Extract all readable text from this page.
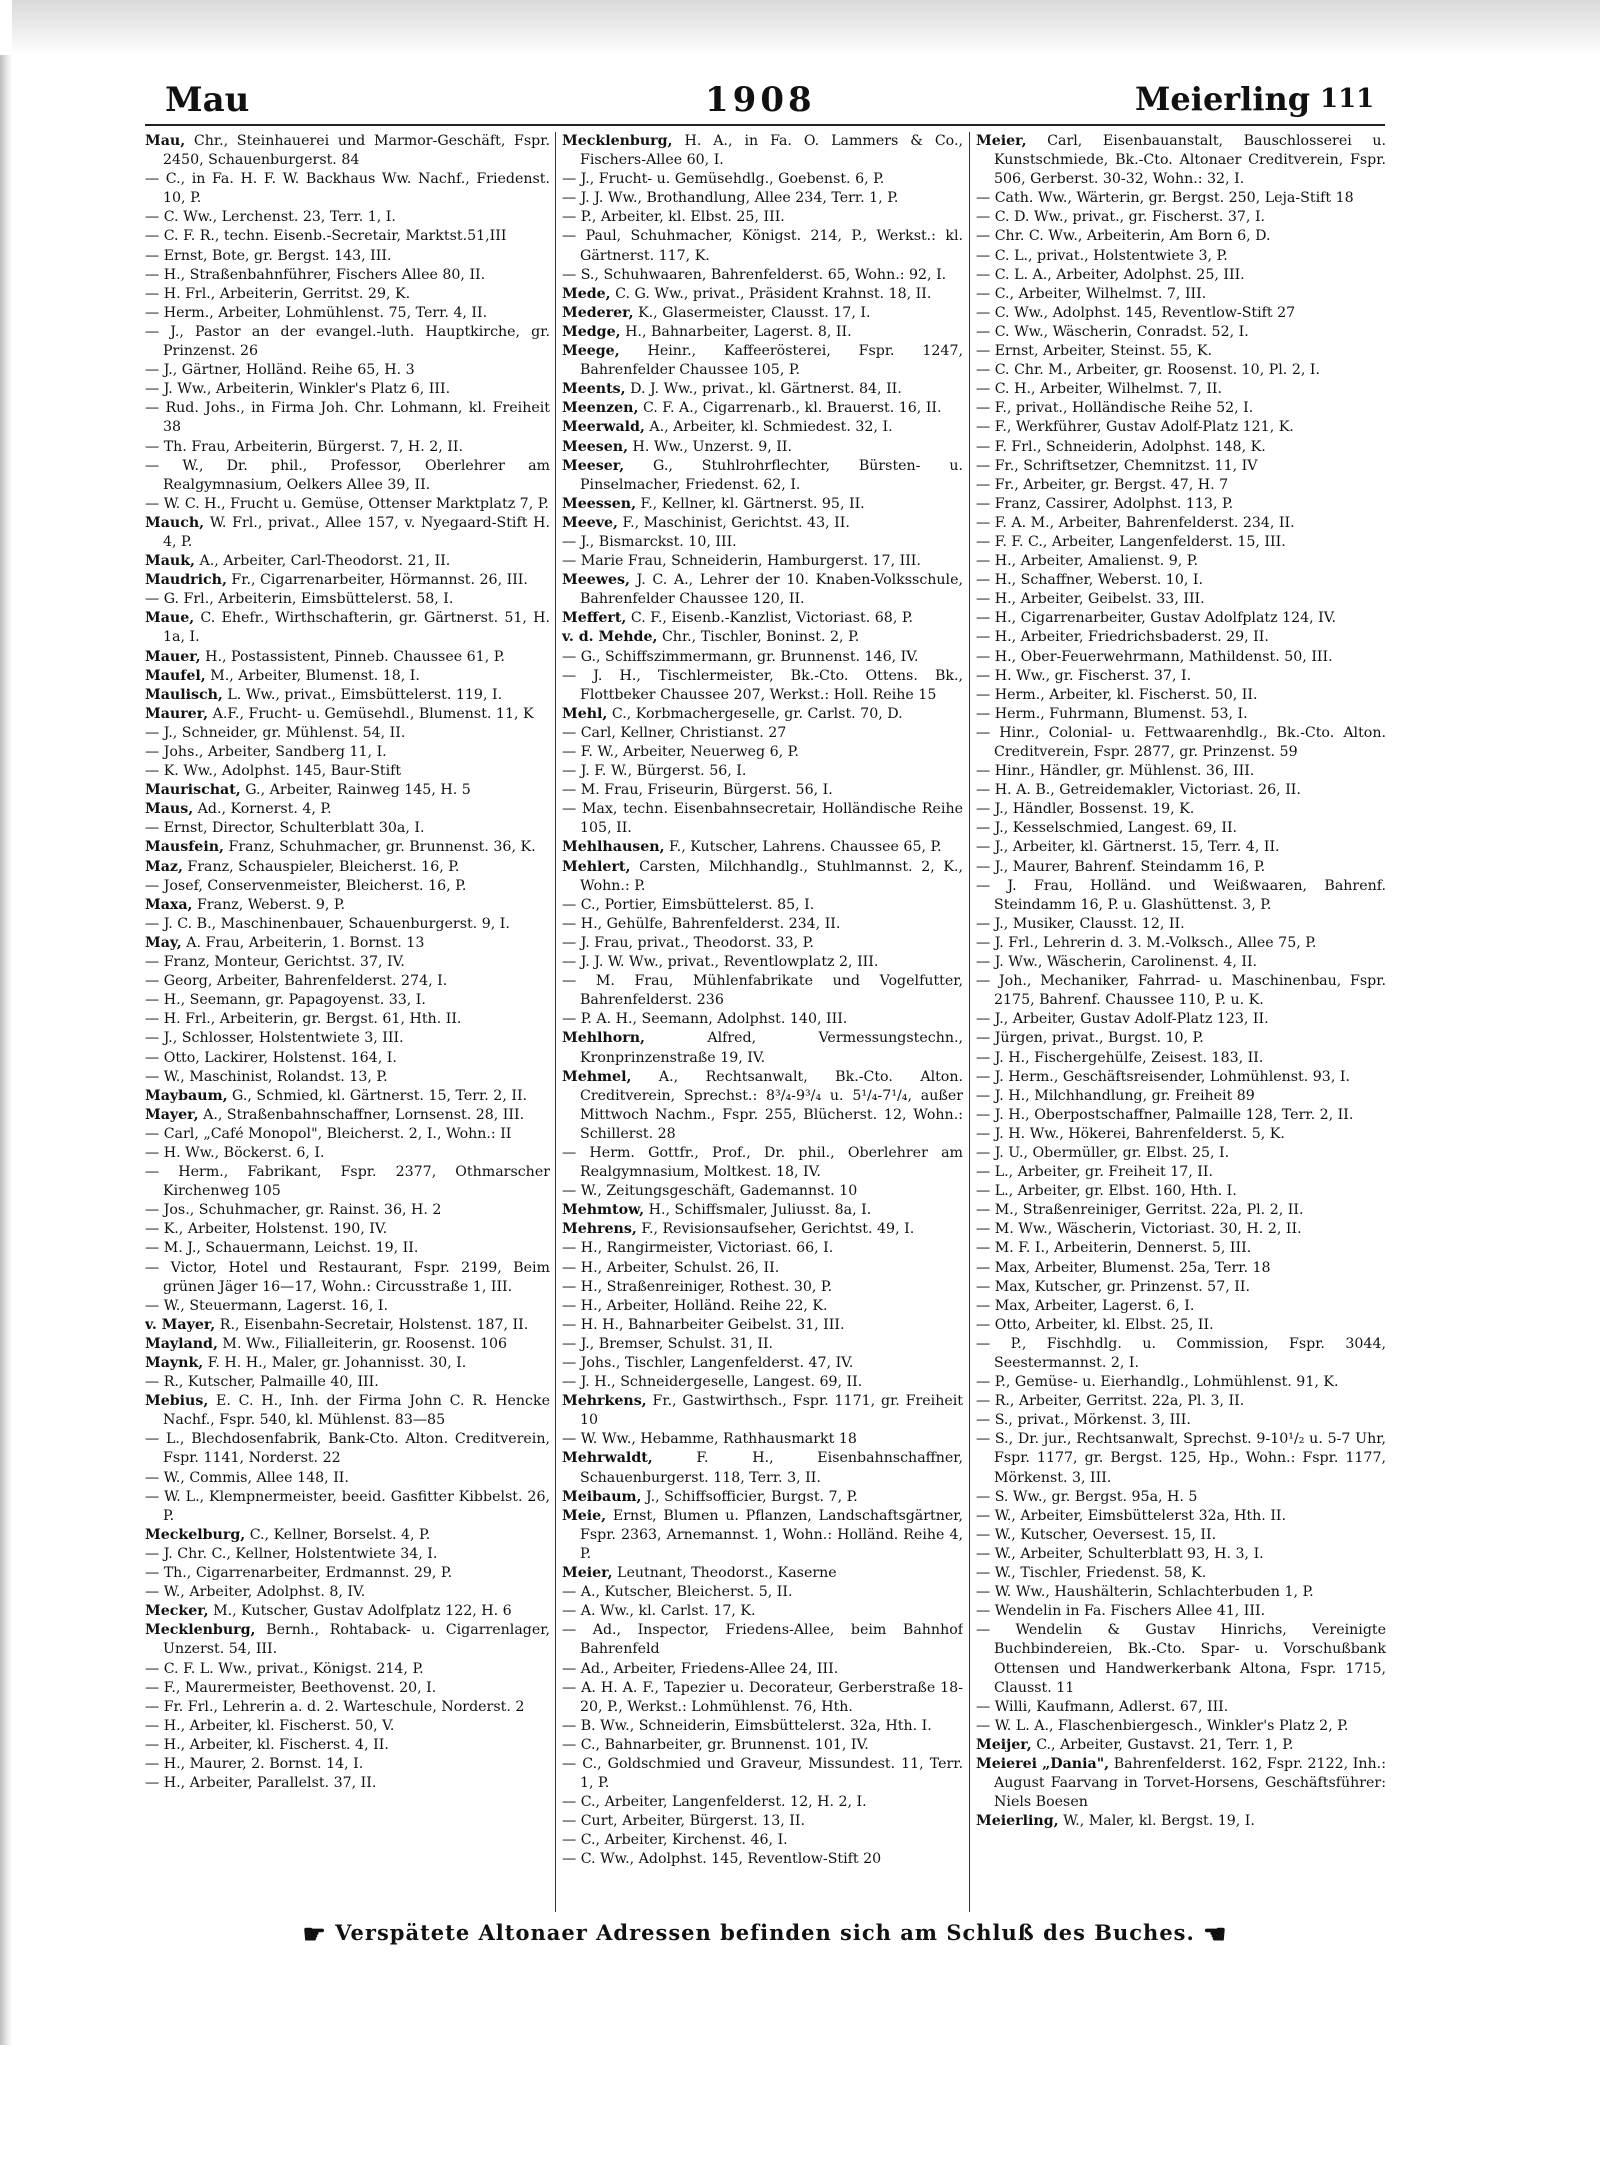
Mau	1908	Meierling 111
Mau, Chr., Steinhauerei und Marmor-Geschäft, Fspr. 2450, Schauenburgerst. 84
— C., in Fa. H. F. W. Backhaus Ww. Nachf., Friedenst. 10, P.
— C. Ww., Lerchenst. 23, Terr. 1, I.
— C. F. R., techn. Eisenb.-Secretair, Marktst.51,III
— Ernst, Bote, gr. Bergst. 143, III.
— H., Straßenbahnführer, Fischers Allee 80, II.
— H. Frl., Arbeiterin, Gerritst. 29, K.
— Herm., Arbeiter, Lohmühlenst. 75, Terr. 4, II.
— J., Pastor an der evangel.-luth. Hauptkirche, gr. Prinzenst. 26
— J., Gärtner, Holländ. Reihe 65, H. 3
— J. Ww., Arbeiterin, Winkler's Platz 6, III.
— Rud. Johs., in Firma Joh. Chr. Lohmann, kl. Freiheit 38
— Th. Frau, Arbeiterin, Bürgerst. 7, H. 2, II.
— W., Dr. phil., Professor, Oberlehrer am Realgymnasium, Oelkers Allee 39, II.
— W. C. H., Frucht u. Gemüse, Ottenser Marktplatz 7, P.
Mauch, W. Frl., privat., Allee 157, v. Nyegaard-Stift H. 4, P.
Mauk, A., Arbeiter, Carl-Theodorst. 21, II.
Maudrich, Fr., Cigarrenarbeiter, Hörmannst. 26, III.
— G. Frl., Arbeiterin, Eimsbüttelerst. 58, I.
Maue, C. Ehefr., Wirthschafterin, gr. Gärtnerst. 51, H. 1a, I.
Mauer, H., Postassistent, Pinneb. Chaussee 61, P.
Maufel, M., Arbeiter, Blumenst. 18, I.
Maulisch, L. Ww., privat., Eimsbüttelerst. 119, I.
Maurer, A.F., Frucht- u. Gemüsehdl., Blumenst. 11, K
— J., Schneider, gr. Mühlenst. 54, II.
— Johs., Arbeiter, Sandberg 11, I.
— K. Ww., Adolphst. 145, Baur-Stift
Maurischat, G., Arbeiter, Rainweg 145, H. 5
Maus, Ad., Kornerst. 4, P.
— Ernst, Director, Schulterblatt 30a, I.
Mausfein, Franz, Schuhmacher, gr. Brunnenst. 36, K.
Maz, Franz, Schauspieler, Bleicherst. 16, P.
— Josef, Conservenmeister, Bleicherst. 16, P.
Maxa, Franz, Weberst. 9, P.
— J. C. B., Maschinenbauer, Schauenburgerst. 9, I.
May, A. Frau, Arbeiterin, 1. Bornst. 13
— Franz, Monteur, Gerichtst. 37, IV.
— Georg, Arbeiter, Bahrenfelderst. 274, I.
— H., Seemann, gr. Papagoyenst. 33, I.
— H. Frl., Arbeiterin, gr. Bergst. 61, Hth. II.
— J., Schlosser, Holstentwiete 3, III.
— Otto, Lackirer, Holstenst. 164, I.
— W., Maschinist, Rolandst. 13, P.
Maybaum, G., Schmied, kl. Gärtnerst. 15, Terr. 2, II.
Mayer, A., Straßenbahnschaffner, Lornsenst. 28, III.
— Carl, „Café Monopol", Bleicherst. 2, I., Wohn.: II
— H. Ww., Böckerst. 6, I.
— Herm., Fabrikant, Fspr. 2377, Othmarscher Kirchenweg 105
— Jos., Schuhmacher, gr. Rainst. 36, H. 2
— K., Arbeiter, Holstenst. 190, IV.
— M. J., Schauermann, Leichst. 19, II.
— Victor, Hotel und Restaurant, Fspr. 2199, Beim grünen Jäger 16—17, Wohn.: Circusstraße 1, III.
— W., Steuermann, Lagerst. 16, I.
v. Mayer, R., Eisenbahn-Secretair, Holstenst. 187, II.
Mayland, M. Ww., Filialleiterin, gr. Roosenst. 106
Maynk, F. H. H., Maler, gr. Johannisst. 30, I.
— R., Kutscher, Palmaille 40, III.
Mebius, E. C. H., Inh. der Firma John C. R. Hencke Nachf., Fspr. 540, kl. Mühlenst. 83—85
— L., Blechdosenfabrik, Bank-Cto. Alton. Creditverein, Fspr. 1141, Norderst. 22
— W., Commis, Allee 148, II.
— W. L., Klempnermeister, beeid. Gasfitter Kibbelst. 26, P.
Meckelburg, C., Kellner, Borselst. 4, P.
— J. Chr. C., Kellner, Holstentwiete 34, I.
— Th., Cigarrenarbeiter, Erdmannst. 29, P.
— W., Arbeiter, Adolphst. 8, IV.
Mecker, M., Kutscher, Gustav Adolfplatz 122, H. 6
Mecklenburg, Bernh., Rohtaback- u. Cigarrenlager, Unzerst. 54, III.
— C. F. L. Ww., privat., Königst. 214, P.
— F., Maurermeister, Beethovenst. 20, I.
— Fr. Frl., Lehrerin a. d. 2. Warteschule, Norderst. 2
— H., Arbeiter, kl. Fischerst. 50, V.
— H., Arbeiter, kl. Fischerst. 4, II.
— H., Maurer, 2. Bornst. 14, I.
— H., Arbeiter, Parallelst. 37, II.
Mecklenburg, H. A., in Fa. O. Lammers & Co., Fischers-Allee 60, I.
— J., Frucht- u. Gemüsehdlg., Goebenst. 6, P.
— J. J. Ww., Brothandlung, Allee 234, Terr. 1, P.
— P., Arbeiter, kl. Elbst. 25, III.
— Paul, Schuhmacher, Königst. 214, P., Werkst.: kl. Gärtnerst. 117, K.
— S., Schuhwaaren, Bahrenfelderst. 65, Wohn.: 92, I.
Mede, C. G. Ww., privat., Präsident Krahnst. 18, II.
Mederer, K., Glasermeister, Clausst. 17, I.
Medge, H., Bahnarbeiter, Lagerst. 8, II.
Meege, Heinr., Kaffeerösterei, Fspr. 1247, Bahrenfelder Chaussee 105, P.
Meents, D. J. Ww., privat., kl. Gärtnerst. 84, II.
Meenzen, C. F. A., Cigarrenarb., kl. Brauerst. 16, II.
Meerwald, A., Arbeiter, kl. Schmiedest. 32, I.
Meesen, H. Ww., Unzerst. 9, II.
Meeser, G., Stuhlrohrflechter, Bürsten- u. Pinselmacher, Friedenst. 62, I.
Meessen, F., Kellner, kl. Gärtnerst. 95, II.
Meeve, F., Maschinist, Gerichtst. 43, II.
— J., Bismarckst. 10, III.
— Marie Frau, Schneiderin, Hamburgerst. 17, III.
Meewes, J. C. A., Lehrer der 10. Knaben-Volksschule, Bahrenfelder Chaussee 120, II.
Meffert, C. F., Eisenb.-Kanzlist, Victoriast. 68, P.
v. d. Mehde, Chr., Tischler, Boninst. 2, P.
— G., Schiffszimmermann, gr. Brunnenst. 146, IV.
— J. H., Tischlermeister, Bk.-Cto. Ottens. Bk., Flottbeker Chaussee 207, Werkst.: Holl. Reihe 15
Mehl, C., Korbmachergeselle, gr. Carlst. 70, D.
— Carl, Kellner, Christianst. 27
— F. W., Arbeiter, Neuerweg 6, P.
— J. F. W., Bürgerst. 56, I.
— M. Frau, Friseurin, Bürgerst. 56, I.
— Max, techn. Eisenbahnsecretair, Holländische Reihe 105, II.
Mehlhausen, F., Kutscher, Lahrens. Chaussee 65, P.
Mehlert, Carsten, Milchhandlg., Stuhlmannst. 2, K., Wohn.: P.
— C., Portier, Eimsbüttelerst. 85, I.
— H., Gehülfe, Bahrenfelderst. 234, II.
— J. Frau, privat., Theodorst. 33, P.
— J. J. W. Ww., privat., Reventlowplatz 2, III.
— M. Frau, Mühlenfabrikate und Vogelfutter, Bahrenfelderst. 236
— P. A. H., Seemann, Adolphst. 140, III.
Mehlhorn,	Alfred, Vermessungstechn., Kronprinzenstraße 19, IV.
Mehmel, A., Rechtsanwalt, Bk.-Cto. Alton. Creditverein, Sprechst.: 8³/₄-9³/₄ u. 5¹/₄-7¹/₄, außer Mittwoch Nachm., Fspr. 255, Blücherst. 12, Wohn.: Schillerst. 28
— Herm. Gottfr., Prof., Dr. phil., Oberlehrer am Realgymnasium, Moltkest. 18, IV.
— W., Zeitungsgeschäft, Gademannst. 10
Mehmtow, H., Schiffsmaler, Juliusst. 8a, I.
Mehrens, F., Revisionsaufseher, Gerichtst. 49, I.
— H., Rangirmeister, Victoriast. 66, I.
— H., Arbeiter, Schulst. 26, II.
— H., Straßenreiniger, Rothest. 30, P.
— H., Arbeiter, Holländ. Reihe 22, K.
— H. H., Bahnarbeiter Geibelst. 31, III.
— J., Bremser, Schulst. 31, II.
— Johs., Tischler, Langenfelderst. 47, IV.
— J. H., Schneidergeselle, Langest. 69, II.
Mehrkens, Fr., Gastwirthsch., Fspr. 1171, gr. Freiheit 10
— W. Ww., Hebamme, Rathhausmarkt 18
Mehrwaldt,	F. H., Eisenbahnschaffner, Schauenburgerst. 118, Terr. 3, II.
Meibaum, J., Schiffsofficier, Burgst. 7, P.
Meie, Ernst, Blumen u. Pflanzen, Landschaftsgärtner, Fspr. 2363, Arnemannst. 1, Wohn.: Holländ. Reihe 4, P.
Meier, Leutnant, Theodorst., Kaserne
— A., Kutscher, Bleicherst. 5, II.
— A. Ww., kl. Carlst. 17, K.
— Ad., Inspector, Friedens-Allee, beim Bahnhof Bahrenfeld
— Ad., Arbeiter, Friedens-Allee 24, III.
— A. H. A. F., Tapezier u. Decorateur, Gerberstraße 18-20, P., Werkst.: Lohmühlenst. 76, Hth.
— B. Ww., Schneiderin, Eimsbüttelerst. 32a, Hth. I.
— C., Bahnarbeiter, gr. Brunnenst. 101, IV.
— C., Goldschmied und Graveur, Missundest. 11, Terr. 1, P.
— C., Arbeiter, Langenfelderst. 12, H. 2, I.
— Curt, Arbeiter, Bürgerst. 13, II.
— C., Arbeiter, Kirchenst. 46, I.
— C. Ww., Adolphst. 145, Reventlow-Stift 20
Meier, Carl, Eisenbauanstalt, Bauschlosserei u. Kunstschmiede, Bk.-Cto. Altonaer Creditverein, Fspr. 506, Gerberst. 30-32, Wohn.: 32, I.
— Cath. Ww., Wärterin, gr. Bergst. 250, Leja-Stift 18
— C. D. Ww., privat., gr. Fischerst. 37, I.
— Chr. C. Ww., Arbeiterin, Am Born 6, D.
— C. L., privat., Holstentwiete 3, P.
— C. L. A., Arbeiter, Adolphst. 25, III.
— C., Arbeiter, Wilhelmst. 7, III.
— C. Ww., Adolphst. 145, Reventlow-Stift 27
— C. Ww., Wäscherin, Conradst. 52, I.
— Ernst, Arbeiter, Steinst. 55, K.
— C. Chr. M., Arbeiter, gr. Roosenst. 10, Pl. 2, I.
— C. H., Arbeiter, Wilhelmst. 7, II.
— F., privat., Holländische Reihe 52, I.
— F., Werkführer, Gustav Adolf-Platz 121, K.
— F. Frl., Schneiderin, Adolphst. 148, K.
— Fr., Schriftsetzer, Chemnitzst. 11, IV
— Fr., Arbeiter, gr. Bergst. 47, H. 7
— Franz, Cassirer, Adolphst. 113, P.
— F. A. M., Arbeiter, Bahrenfelderst. 234, II.
— F. F. C., Arbeiter, Langenfelderst. 15, III.
— H., Arbeiter, Amalienst. 9, P.
— H., Schaffner, Weberst. 10, I.
— H., Arbeiter, Geibelst. 33, III.
— H., Cigarrenarbeiter, Gustav Adolfplatz 124, IV.
— H., Arbeiter, Friedrichsbaderst. 29, II.
— H., Ober-Feuerwehrmann, Mathildenst. 50, III.
— H. Ww., gr. Fischerst. 37, I.
— Herm., Arbeiter, kl. Fischerst. 50, II.
— Herm., Fuhrmann, Blumenst. 53, I.
— Hinr., Colonial- u. Fettwaarenhdlg., Bk.-Cto. Alton. Creditverein, Fspr. 2877, gr. Prinzenst. 59
— Hinr., Händler, gr. Mühlenst. 36, III.
— H. A. B., Getreidemakler, Victoriast. 26, II.
— J., Händler, Bossenst. 19, K.
— J., Kesselschmied, Langest. 69, II.
— J., Arbeiter, kl. Gärtnerst. 15, Terr. 4, II.
— J., Maurer, Bahrenf. Steindamm 16, P.
— J. Frau, Holländ. und Weißwaaren, Bahrenf. Steindamm 16, P. u. Glashüttenst. 3, P.
— J., Musiker, Clausst. 12, II.
— J. Frl., Lehrerin d. 3. M.-Volksch., Allee 75, P.
— J. Ww., Wäscherin, Carolinenst. 4, II.
— Joh., Mechaniker, Fahrrad- u. Maschinenbau, Fspr. 2175, Bahrenf. Chaussee 110, P. u. K.
— J., Arbeiter, Gustav Adolf-Platz 123, II.
— Jürgen, privat., Burgst. 10, P.
— J. H., Fischergehülfe, Zeisest. 183, II.
— J. Herm., Geschäftsreisender, Lohmühlenst. 93, I.
— J. H., Milchhandlung, gr. Freiheit 89
— J. H., Oberpostschaffner, Palmaille 128, Terr. 2, II.
— J. H. Ww., Hökerei, Bahrenfelderst. 5, K.
— J. U., Obermüller, gr. Elbst. 25, I.
— L., Arbeiter, gr. Freiheit 17, II.
— L., Arbeiter, gr. Elbst. 160, Hth. I.
— M., Straßenreiniger, Gerritst. 22a, Pl. 2, II.
— M. Ww., Wäscherin, Victoriast. 30, H. 2, II.
— M. F. I., Arbeiterin, Dennerst. 5, III.
— Max, Arbeiter, Blumenst. 25a, Terr. 18
— Max, Kutscher, gr. Prinzenst. 57, II.
— Max, Arbeiter, Lagerst. 6, I.
— Otto, Arbeiter, kl. Elbst. 25, II.
— P., Fischhdlg. u. Commission, Fspr. 3044, Seestermannst. 2, I.
— P., Gemüse- u. Eierhandlg., Lohmühlenst. 91, K.
— R., Arbeiter, Gerritst. 22a, Pl. 3, II.
— S., privat., Mörkenst. 3, III.
— S., Dr. jur., Rechtsanwalt, Sprechst. 9-10¹/₂ u. 5-7 Uhr, Fspr. 1177, gr. Bergst. 125, Hp., Wohn.: Fspr. 1177, Mörkenst. 3, III.
— S. Ww., gr. Bergst. 95a, H. 5
— W., Arbeiter, Eimsbüttelerst 32a, Hth. II.
— W., Kutscher, Oeversest. 15, II.
— W., Arbeiter, Schulterblatt 93, H. 3, I.
— W., Tischler, Friedenst. 58, K.
— W. Ww., Haushälterin, Schlachterbuden 1, P.
— Wendelin in Fa. Fischers Allee 41, III.
— Wendelin & Gustav Hinrichs, Vereinigte Buchbindereien, Bk.-Cto. Spar- u. Vorschußbank Ottensen und Handwerkerbank Altona, Fspr. 1715, Clausst. 11
— Willi, Kaufmann, Adlerst. 67, III.
— W. L. A., Flaschenbiergesch., Winkler's Platz 2, P.
Meijer, C., Arbeiter, Gustavst. 21, Terr. 1, P.
Meierei „Dania", Bahrenfelderst. 162, Fspr. 2122, Inh.: August Faarvang in Torvet-Horsens, Geschäftsführer: Niels Boesen
Meierling, W., Maler, kl. Bergst. 19, I.
☛ Verspätete Altonaer Adressen befinden sich am Schluß des Buches. ☚
